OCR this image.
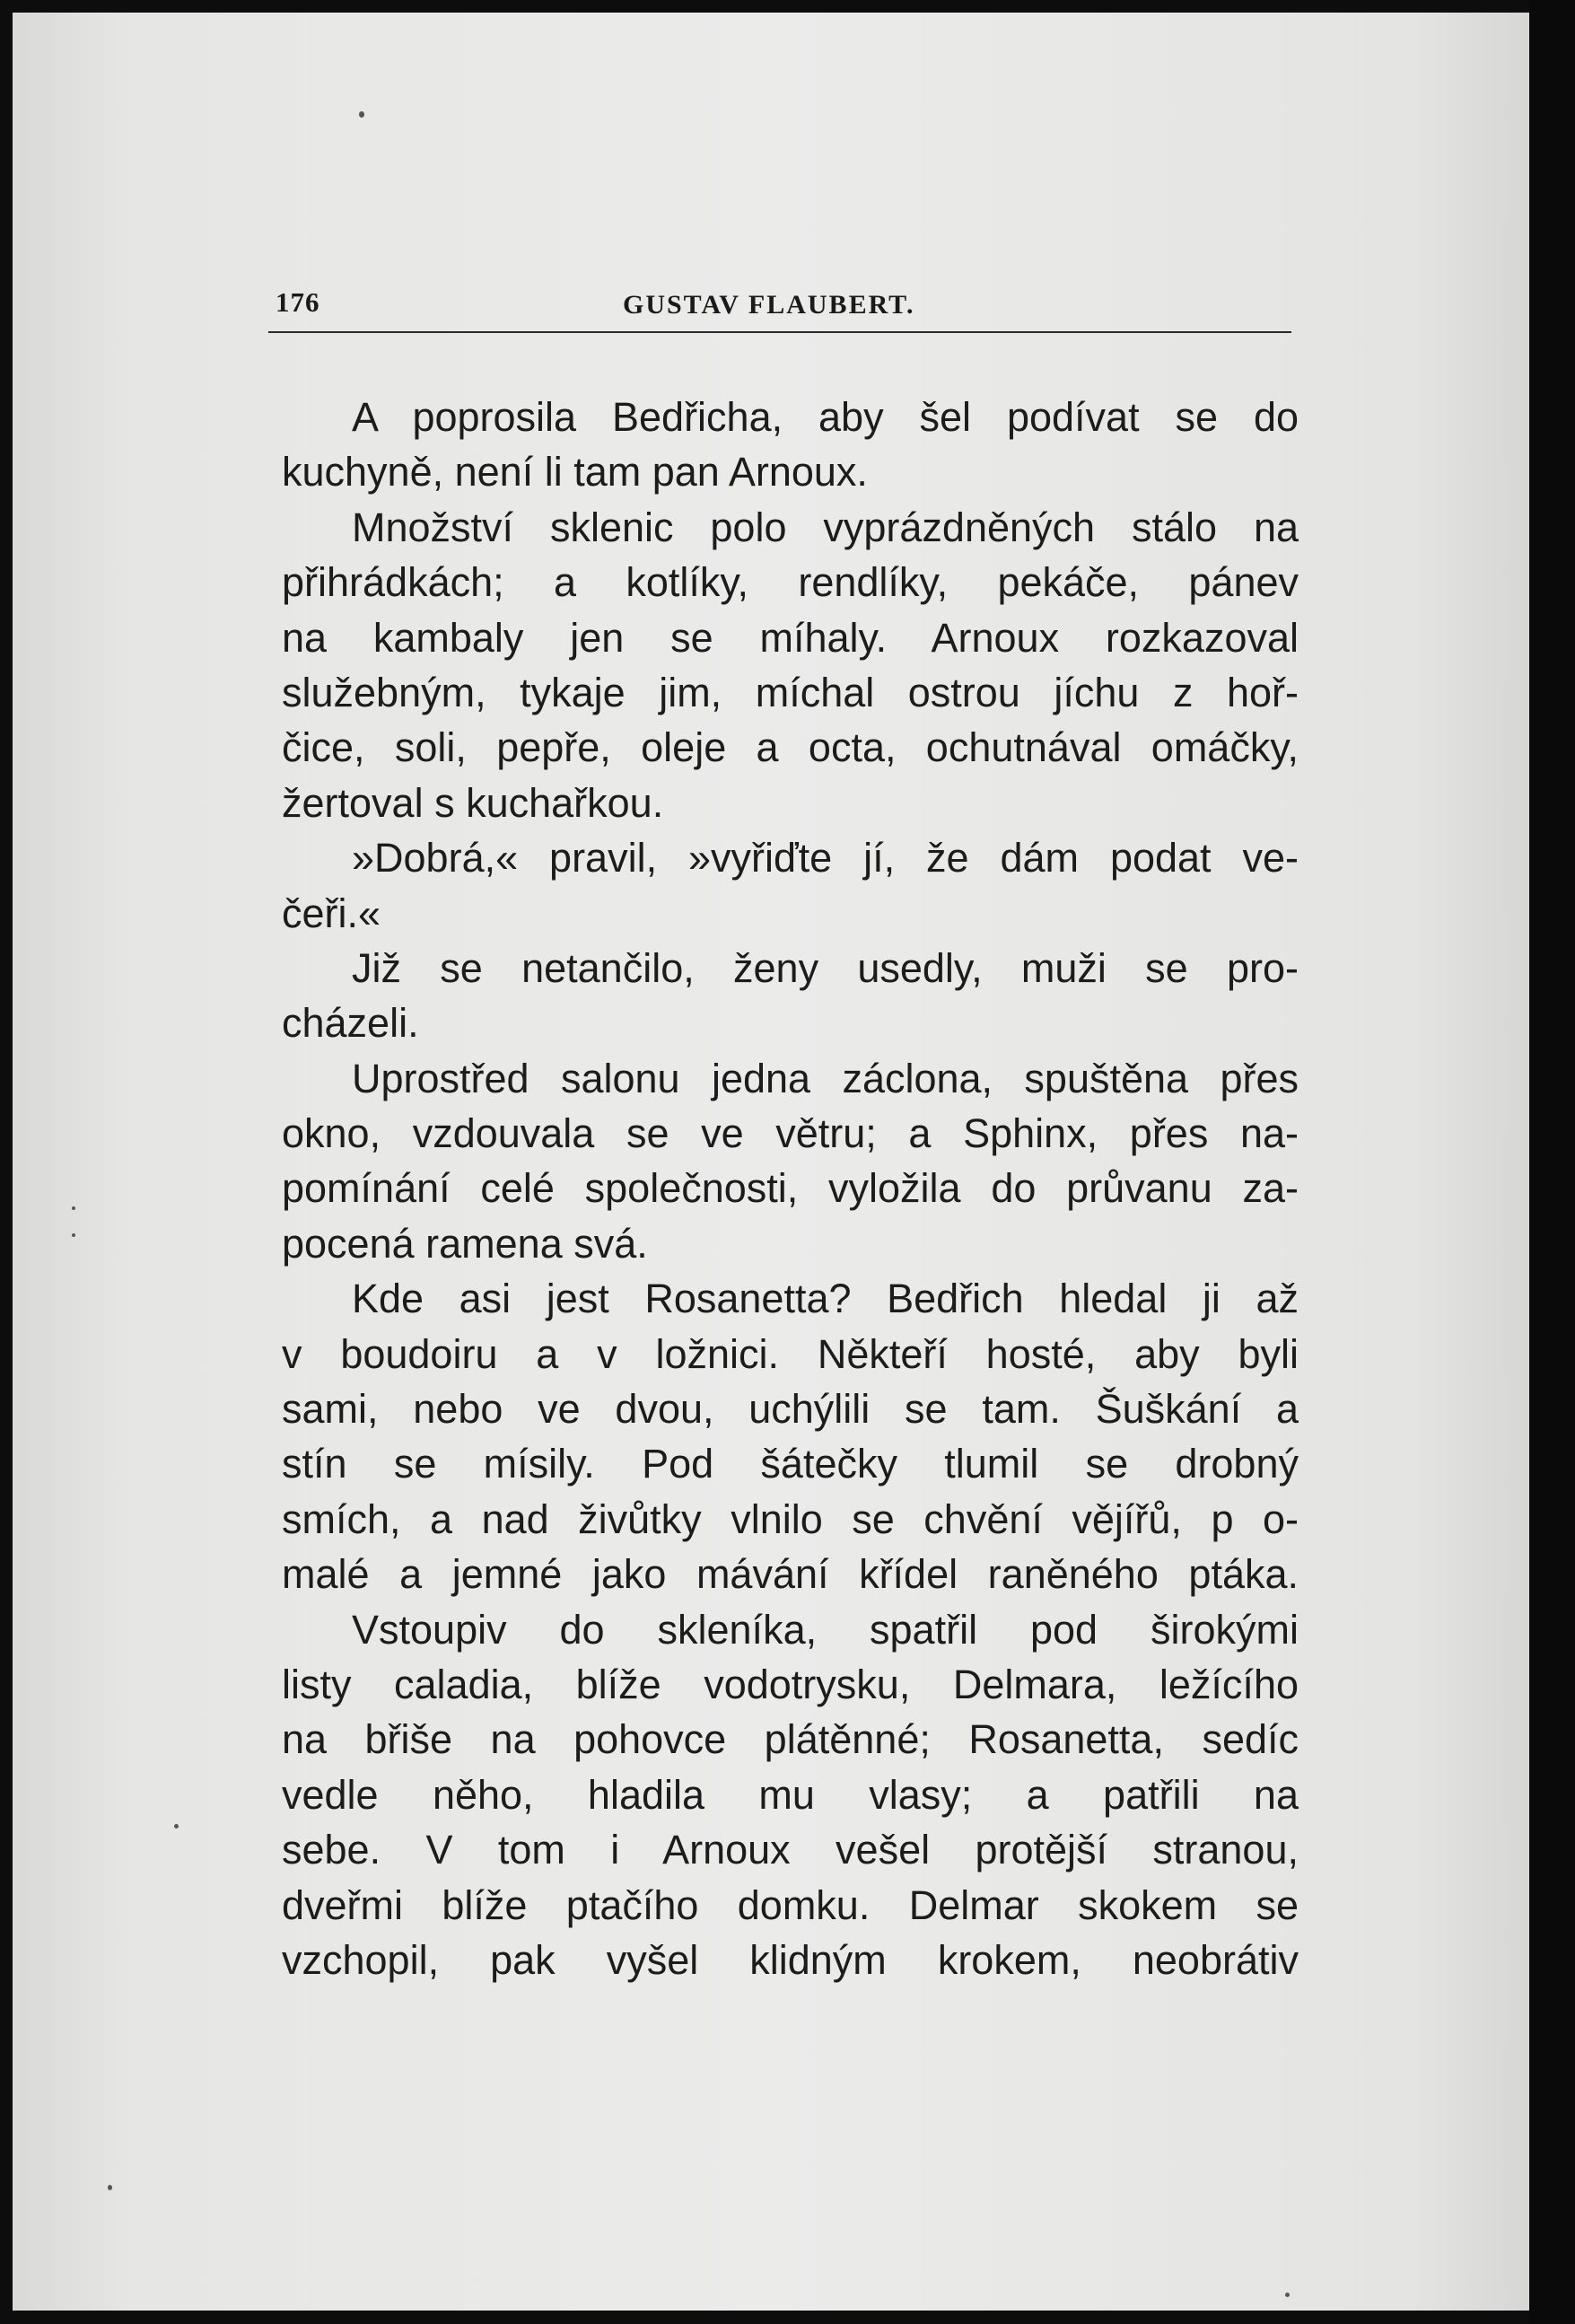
176	GUSTAV FLAUBERT.
A poprosila Bedřicha, aby šel podívat se do
kuchyně, není li tam pan Arnoux.
Množství sklenic polo vyprázdněných stálo na
přihrádkách; a kotlíky, rendlíky, pekáče, pánev
na kambaly jen se míhaly. Arnoux rozkazoval
služebným, tykaje jim, míchal ostrou jíchu z hoř-
čice, soli, pepře, oleje a octa, ochutnával omáčky,
žertoval s kuchařkou.
»Dobrá,« pravil, »vyřiďte jí, že dám podat ve-
čeři.«
Již se netančilo, ženy usedly, muži se pro-
cházeli.
Uprostřed salonu jedna záclona, spuštěna přes
okno, vzdouvala se ve větru; a Sphinx, přes na-
pomínání celé společnosti, vyložila do průvanu za-
pocená ramena svá.
Kde asi jest Rosanetta? Bedřich hledal ji až
v boudoiru a v ložnici. Někteří hosté, aby byli
sami, nebo ve dvou, uchýlili se tam. Šuškání a
stín se mísily. Pod šátečky tlumil se drobný
smích, a nad živůtky vlnilo se chvění vějířů, p o-
malé a jemné jako mávání křídel raněného ptáka.
Vstoupiv do skleníka, spatřil pod širokými
listy caladia, blíže vodotrysku, Delmara, ležícího
na břiše na pohovce plátěnné; Rosanetta, sedíc
vedle něho, hladila mu vlasy; a patřili na
sebe. V tom i Arnoux vešel protější stranou,
dveřmi blíže ptačího domku. Delmar skokem se
vzchopil, pak vyšel klidným krokem, neobrátiv
